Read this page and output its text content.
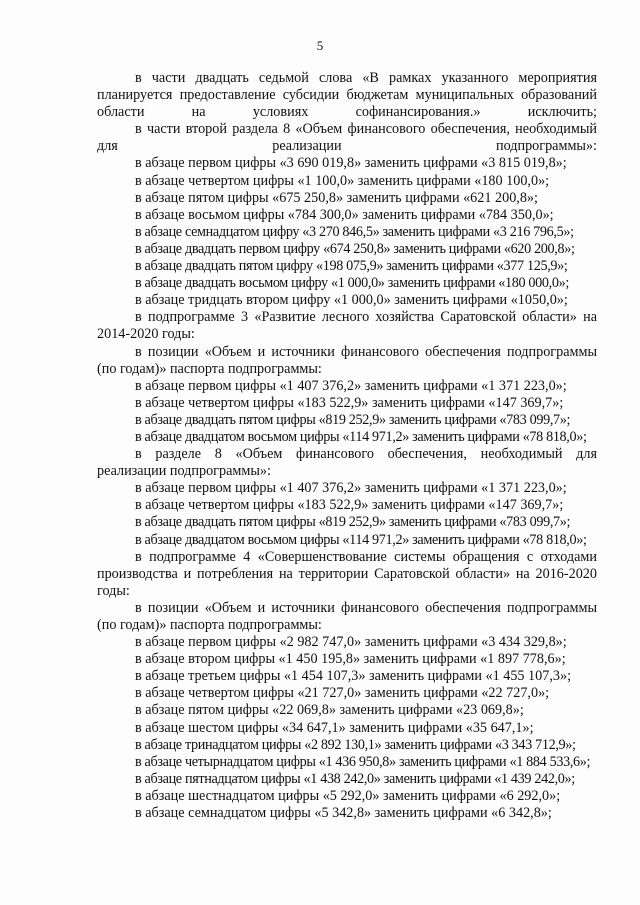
5

в части двадцать седьмой слова «В рамках указанного мероприятия планируется предоставление субсидии бюджетам муниципальных образований области на условиях софинансирования.» исключить;

в части второй раздела 8 «Объем финансового обеспечения, необходимый для реализации подпрограммы»:

в абзаце первом цифры «3 690 019,8» заменить цифрами «3 815 019,8»;

в абзаце четвертом цифры «1 100,0» заменить цифрами «180 100,0»;

в абзаце пятом цифры «675 250,8» заменить цифрами «621 200,8»;

в абзаце восьмом цифры «784 300,0» заменить цифрами «784 350,0»;

в абзаце семнадцатом цифру «3 270 846,5» заменить цифрами «3 216 796,5»;

в абзаце двадцать первом цифру «674 250,8» заменить цифрами «620 200,8»;

в абзаце двадцать пятом цифру «198 075,9» заменить цифрами «377 125,9»;

в абзаце двадцать восьмом цифру «1 000,0» заменить цифрами «180 000,0»;

в абзаце тридцать втором цифру «1 000,0» заменить цифрами «1050,0»;

в подпрограмме 3 «Развитие лесного хозяйства Саратовской области» на 2014-2020 годы:

в позиции «Объем и источники финансового обеспечения подпрограммы (по годам)» паспорта подпрограммы:

в абзаце первом цифры «1 407 376,2» заменить цифрами «1 371 223,0»;

в абзаце четвертом цифры «183 522,9» заменить цифрами «147 369,7»;

в абзаце двадцать пятом цифры «819 252,9» заменить цифрами «783 099,7»;

в абзаце двадцатом восьмом цифры «114 971,2» заменить цифрами «78 818,0»;

в разделе 8 «Объем финансового обеспечения, необходимый для реализации подпрограммы»:

в абзаце первом цифры «1 407 376,2» заменить цифрами «1 371 223,0»;

в абзаце четвертом цифры «183 522,9» заменить цифрами «147 369,7»;

в абзаце двадцать пятом цифры «819 252,9» заменить цифрами «783 099,7»;

в абзаце двадцатом восьмом цифры «114 971,2» заменить цифрами «78 818,0»;

в подпрограмме 4 «Совершенствование системы обращения с отходами производства и потребления на территории Саратовской области» на 2016-2020 годы:

в позиции «Объем и источники финансового обеспечения подпрограммы (по годам)» паспорта подпрограммы:

в абзаце первом цифры «2 982 747,0» заменить цифрами «3 434 329,8»;

в абзаце втором цифры «1 450 195,8» заменить цифрами «1 897 778,6»;

в абзаце третьем цифры «1 454 107,3» заменить цифрами «1 455 107,3»;

в абзаце четвертом цифры «21 727,0» заменить цифрами «22 727,0»;

в абзаце пятом цифры «22 069,8» заменить цифрами «23 069,8»;

в абзаце шестом цифры «34 647,1» заменить цифрами «35 647,1»;

в абзаце тринадцатом цифры «2 892 130,1» заменить цифрами «3 343 712,9»;

в абзаце четырнадцатом цифры «1 436 950,8» заменить цифрами «1 884 533,6»;

в абзаце пятнадцатом цифры «1 438 242,0» заменить цифрами «1 439 242,0»;

в абзаце шестнадцатом цифры «5 292,0» заменить цифрами «6 292,0»;

в абзаце семнадцатом цифры «5 342,8» заменить цифрами «6 342,8»;
